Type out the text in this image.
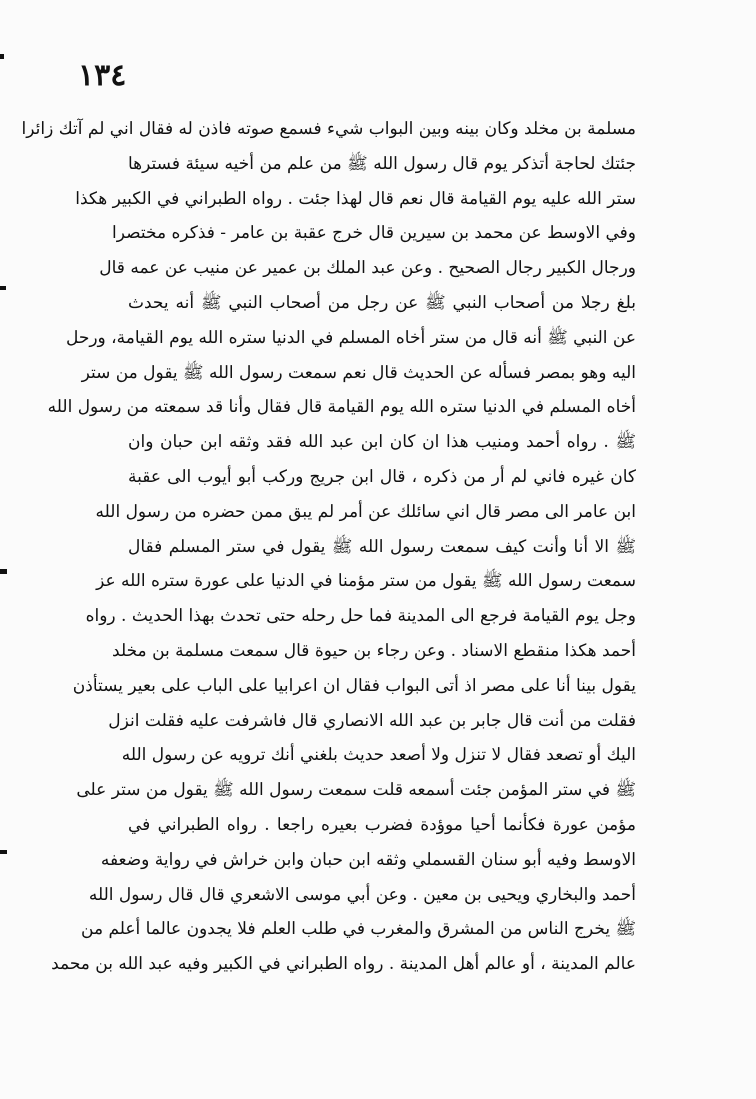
١٣٤
مسلمة بن مخلد وكان بينه وبين البواب شيء فسمع صوته فاذن له فقال اني لم آتك زائرا
جئتك لحاجة أتذكر يوم قال رسول الله ﷺ من علم من أخيه سيئة فسترها
ستر الله عليه يوم القيامة قال نعم قال لهذا جئت . رواه الطبراني في الكبير هكذا
وفي الاوسط عن محمد بن سيرين قال خرج عقبة بن عامر - فذكره مختصرا
ورجال الكبير رجال الصحيح . وعن عبد الملك بن عمير عن منيب عن عمه قال
بلغ رجلا من أصحاب النبي ﷺ عن رجل من أصحاب النبي ﷺ أنه يحدث
عن النبي ﷺ أنه قال من ستر أخاه المسلم في الدنيا ستره الله يوم القيامة، ورحل
اليه وهو بمصر فسأله عن الحديث قال نعم سمعت رسول الله ﷺ يقول من ستر
أخاه المسلم في الدنيا ستره الله يوم القيامة قال فقال وأنا قد سمعته من رسول الله
ﷺ . رواه أحمد ومنيب هذا ان كان ابن عبد الله فقد وثقه ابن حبان وان
كان غيره فاني لم أر من ذكره ، قال ابن جريج وركب أبو أيوب الى عقبة
ابن عامر الى مصر قال اني سائلك عن أمر لم يبق ممن حضره من رسول الله
ﷺ الا أنا وأنت كيف سمعت رسول الله ﷺ يقول في ستر المسلم فقال
سمعت رسول الله ﷺ يقول من ستر مؤمنا في الدنيا على عورة ستره الله عز
وجل يوم القيامة فرجع الى المدينة فما حل رحله حتى تحدث بهذا الحديث . رواه
أحمد هكذا منقطع الاسناد . وعن رجاء بن حيوة قال سمعت مسلمة بن مخلد
يقول بينا أنا على مصر اذ أتى البواب فقال ان اعرابيا على الباب على بعير يستأذن
فقلت من أنت قال جابر بن عبد الله الانصاري قال فاشرفت عليه فقلت انزل
اليك أو تصعد فقال لا تنزل ولا أصعد حديث بلغني أنك ترويه عن رسول الله
ﷺ في ستر المؤمن جئت أسمعه قلت سمعت رسول الله ﷺ يقول من ستر على
مؤمن عورة فكأنما أحيا موؤدة فضرب بعيره راجعا . رواه الطبراني في
الاوسط وفيه أبو سنان القسملي وثقه ابن حبان وابن خراش في رواية وضعفه
أحمد والبخاري ويحيى بن معين . وعن أبي موسى الاشعري قال قال رسول الله
ﷺ يخرج الناس من المشرق والمغرب في طلب العلم فلا يجدون عالما أعلم من
عالم المدينة ، أو عالم أهل المدينة . رواه الطبراني في الكبير وفيه عبد الله بن محمد
